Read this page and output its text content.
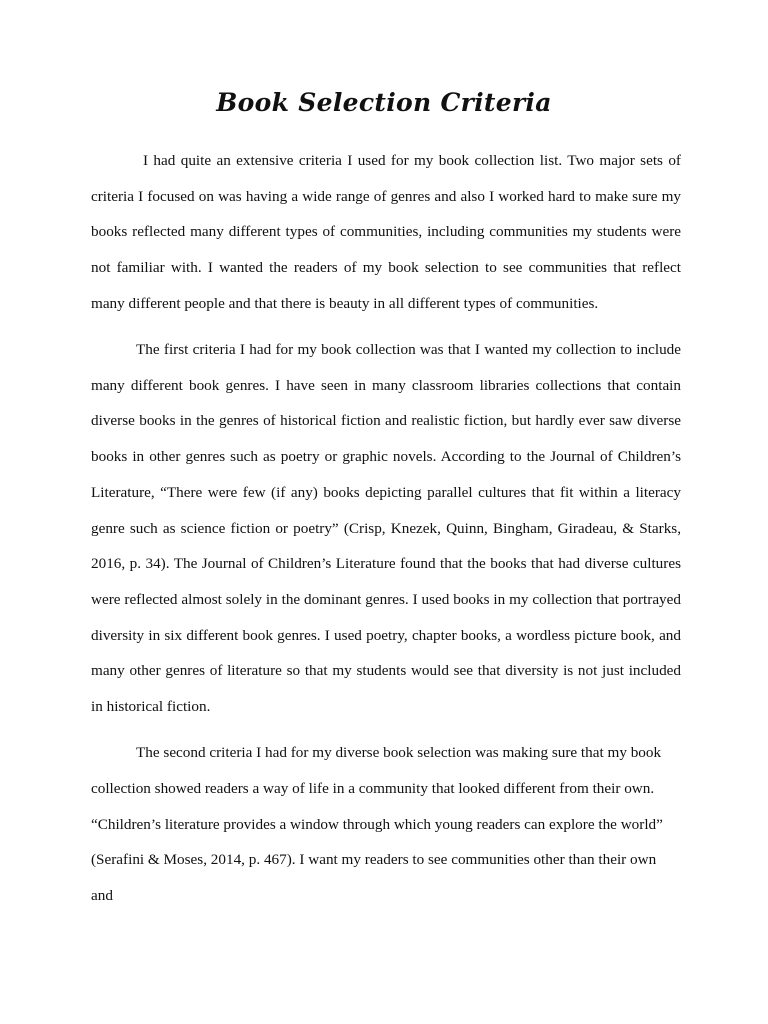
Book Selection Criteria

I had quite an extensive criteria I used for my book collection list. Two major sets of criteria I focused on was having a wide range of genres and also I worked hard to make sure my books reflected many different types of communities, including communities my students were not familiar with. I wanted the readers of my book selection to see communities that reflect many different people and that there is beauty in all different types of communities.

The first criteria I had for my book collection was that I wanted my collection to include many different book genres. I have seen in many classroom libraries collections that contain diverse books in the genres of historical fiction and realistic fiction, but hardly ever saw diverse books in other genres such as poetry or graphic novels. According to the Journal of Children’s Literature, “There were few (if any) books depicting parallel cultures that fit within a literacy genre such as science fiction or poetry” (Crisp, Knezek, Quinn, Bingham, Giradeau, & Starks, 2016, p. 34). The Journal of Children’s Literature found that the books that had diverse cultures were reflected almost solely in the dominant genres. I used books in my collection that portrayed diversity in six different book genres. I used poetry, chapter books, a wordless picture book, and many other genres of literature so that my students would see that diversity is not just included in historical fiction.

The second criteria I had for my diverse book selection was making sure that my book collection showed readers a way of life in a community that looked different from their own. “Children’s literature provides a window through which young readers can explore the world” (Serafini & Moses, 2014, p. 467). I want my readers to see communities other than their own and
